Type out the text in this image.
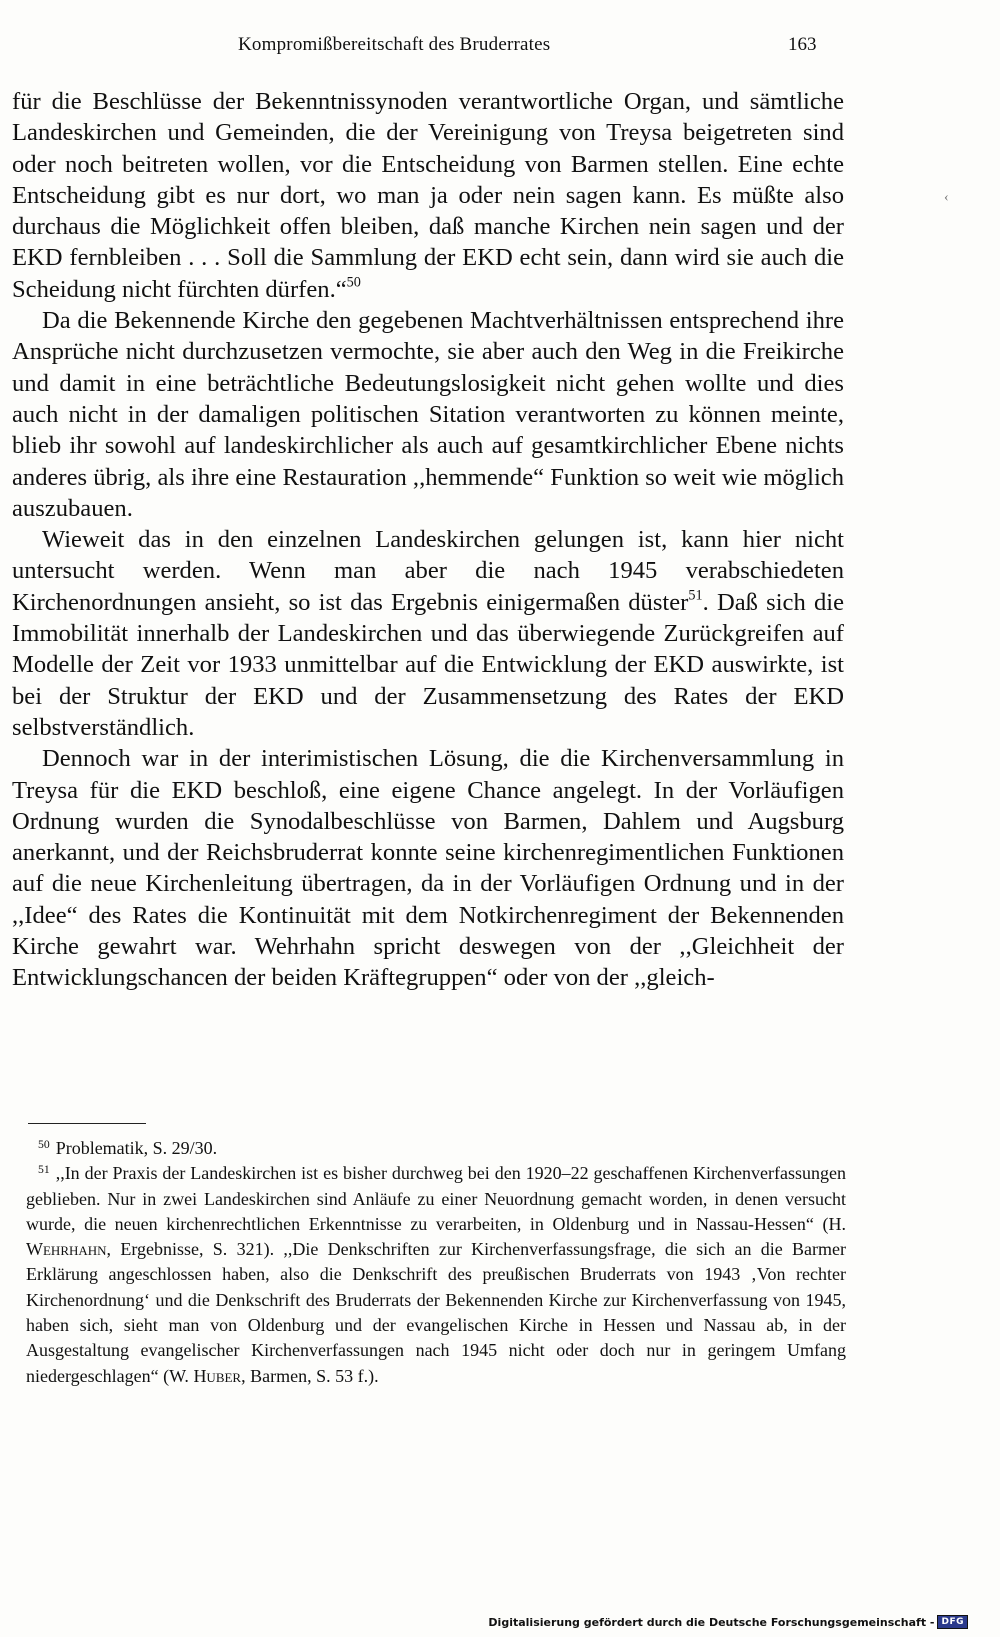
Kompromißbereitschaft des Bruderrates	163

für die Beschlüsse der Bekenntnissynoden verantwortliche Organ, und sämtliche Landeskirchen und Gemeinden, die der Vereinigung von Treysa beigetreten sind oder noch beitreten wollen, vor die Entscheidung von Barmen stellen. Eine echte Entscheidung gibt es nur dort, wo man ja oder nein sagen kann. Es müßte also durchaus die Möglichkeit offen bleiben, daß manche Kirchen nein sagen und der EKD fernbleiben . . . Soll die Sammlung der EKD echt sein, dann wird sie auch die Scheidung nicht fürchten dürfen.“$^{50}$

Da die Bekennende Kirche den gegebenen Machtverhältnissen entsprechend ihre Ansprüche nicht durchzusetzen vermochte, sie aber auch den Weg in die Freikirche und damit in eine beträchtliche Bedeutungslosigkeit nicht gehen wollte und dies auch nicht in der damaligen politischen Sitation verantworten zu können meinte, blieb ihr sowohl auf landeskirchlicher als auch auf gesamtkirchlicher Ebene nichts anderes übrig, als ihre eine Restauration ,,hemmende“ Funktion so weit wie möglich auszubauen.

Wieweit das in den einzelnen Landeskirchen gelungen ist, kann hier nicht untersucht werden. Wenn man aber die nach 1945 verabschiedeten Kirchenordnungen ansieht, so ist das Ergebnis einigermaßen düster$^{51}$. Daß sich die Immobilität innerhalb der Landeskirchen und das überwiegende Zurückgreifen auf Modelle der Zeit vor 1933 unmittelbar auf die Entwicklung der EKD auswirkte, ist bei der Struktur der EKD und der Zusammensetzung des Rates der EKD selbstverständlich.

Dennoch war in der interimistischen Lösung, die die Kirchenversammlung in Treysa für die EKD beschloß, eine eigene Chance angelegt. In der Vorläufigen Ordnung wurden die Synodalbeschlüsse von Barmen, Dahlem und Augsburg anerkannt, und der Reichsbruderrat konnte seine kirchenregimentlichen Funktionen auf die neue Kirchenleitung übertragen, da in der Vorläufigen Ordnung und in der ,,Idee“ des Rates die Kontinuität mit dem Notkirchenregiment der Bekennenden Kirche gewahrt war. Wehrhahn spricht deswegen von der ,,Gleichheit der Entwicklungschancen der beiden Kräftegruppen“ oder von der ,,gleich-

$^{50}$ Problematik, S. 29/30.

$^{51}$ ,,In der Praxis der Landeskirchen ist es bisher durchweg bei den 1920–22 geschaffenen Kirchenverfassungen geblieben. Nur in zwei Landeskirchen sind Anläufe zu einer Neuordnung gemacht worden, in denen versucht wurde, die neuen kirchenrechtlichen Erkenntnisse zu verarbeiten, in Oldenburg und in Nassau-Hessen“ (H. Wehrhahn, Ergebnisse, S. 321). ,,Die Denkschriften zur Kirchenverfassungsfrage, die sich an die Barmer Erklärung angeschlossen haben, also die Denkschrift des preußischen Bruderrats von 1943 ‚Von rechter Kirchenordnung‘ und die Denkschrift des Bruderrats der Bekennenden Kirche zur Kirchenverfassung von 1945, haben sich, sieht man von Oldenburg und der evangelischen Kirche in Hessen und Nassau ab, in der Ausgestaltung evangelischer Kirchenverfassungen nach 1945 nicht oder doch nur in geringem Umfang niedergeschlagen“ (W. Huber, Barmen, S. 53 f.).

‹
Digitalisierung gefördert durch die Deutsche Forschungsgemeinschaft - DFG
